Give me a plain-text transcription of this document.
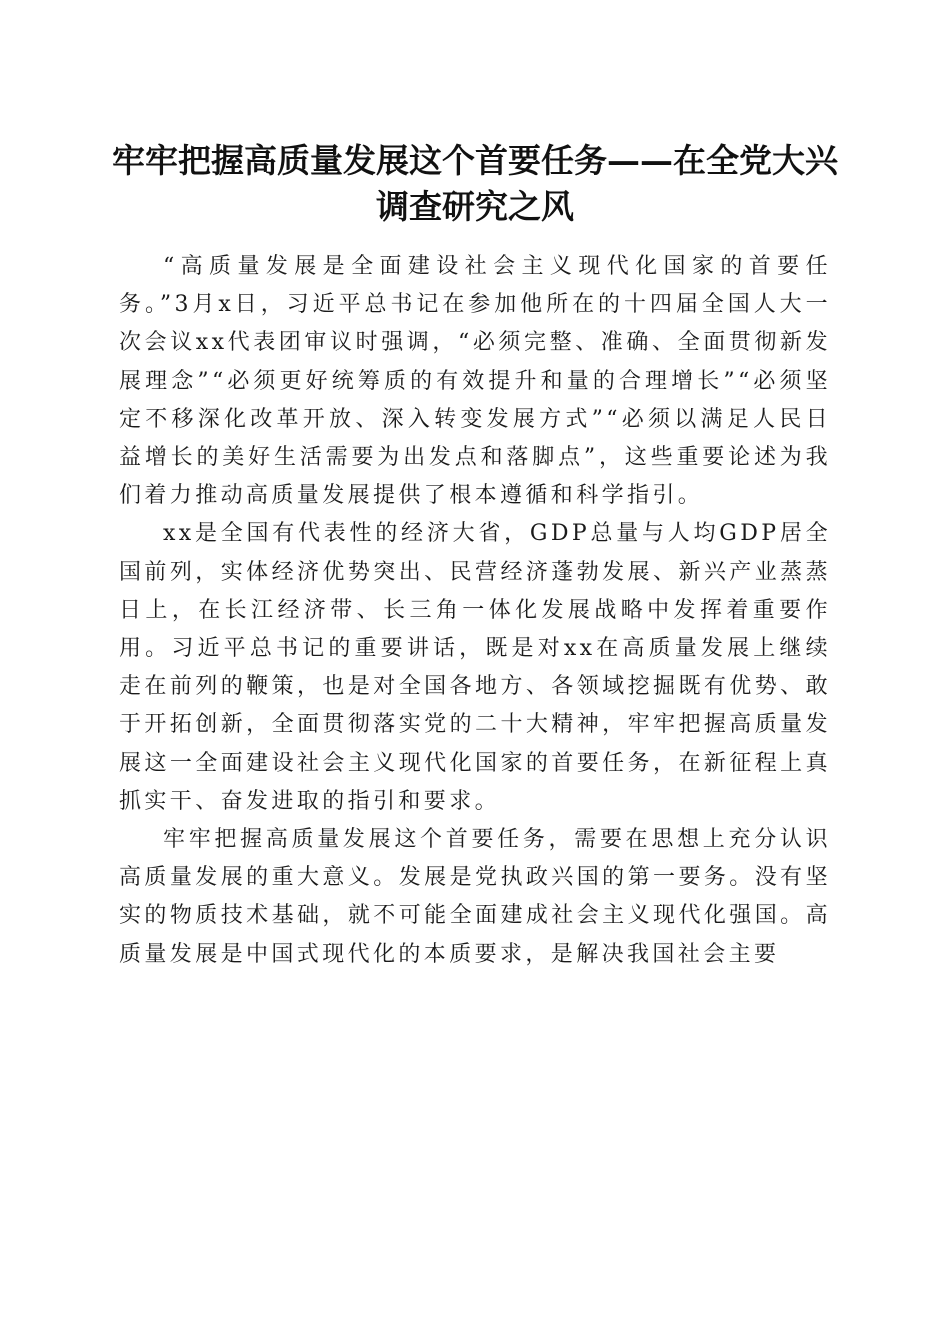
牢牢把握高质量发展这个首要任务——在全党大兴调查研究之风

“高质量发展是全面建设社会主义现代化国家的首要任务。”3月x日，习近平总书记在参加他所在的十四届全国人大一次会议xx代表团审议时强调，“必须完整、准确、全面贯彻新发展理念”“必须更好统筹质的有效提升和量的合理增长”“必须坚定不移深化改革开放、深入转变发展方式”“必须以满足人民日益增长的美好生活需要为出发点和落脚点”，这些重要论述为我们着力推动高质量发展提供了根本遵循和科学指引。

xx是全国有代表性的经济大省，GDP总量与人均GDP居全国前列，实体经济优势突出、民营经济蓬勃发展、新兴产业蒸蒸日上，在长江经济带、长三角一体化发展战略中发挥着重要作用。习近平总书记的重要讲话，既是对xx在高质量发展上继续走在前列的鞭策，也是对全国各地方、各领域挖掘既有优势、敢于开拓创新，全面贯彻落实党的二十大精神，牢牢把握高质量发展这一全面建设社会主义现代化国家的首要任务，在新征程上真抓实干、奋发进取的指引和要求。

牢牢把握高质量发展这个首要任务，需要在思想上充分认识高质量发展的重大意义。发展是党执政兴国的第一要务。没有坚实的物质技术基础，就不可能全面建成社会主义现代化强国。高质量发展是中国式现代化的本质要求，是解决我国社会主要
